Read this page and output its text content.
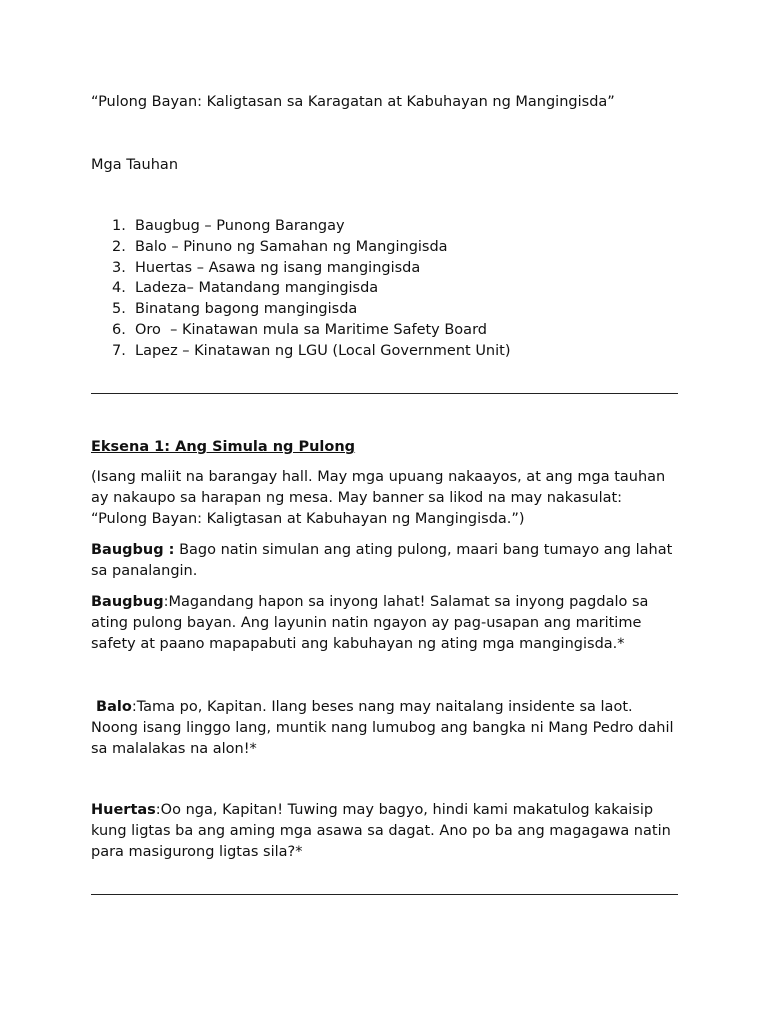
“Pulong Bayan: Kaligtasan sa Karagatan at Kabuhayan ng Mangingisda”
Mga Tauhan
1. Baugbug – Punong Barangay
2. Balo – Pinuno ng Samahan ng Mangingisda
3. Huertas – Asawa ng isang mangingisda
4. Ladeza– Matandang mangingisda
5. Binatang bagong mangingisda
6. Oro  – Kinatawan mula sa Maritime Safety Board
7. Lapez – Kinatawan ng LGU (Local Government Unit)
Eksena 1: Ang Simula ng Pulong

(Isang maliit na barangay hall. May mga upuang nakaayos, at ang mga tauhan ay nakaupo sa harapan ng mesa. May banner sa likod na may nakasulat: “Pulong Bayan: Kaligtasan at Kabuhayan ng Mangingisda.”)

Baugbug : Bago natin simulan ang ating pulong, maari bang tumayo ang lahat sa panalangin.

Baugbug:Magandang hapon sa inyong lahat! Salamat sa inyong pagdalo sa ating pulong bayan. Ang layunin natin ngayon ay pag-usapan ang maritime safety at paano mapapabuti ang kabuhayan ng ating mga mangingisda.*

Balo:Tama po, Kapitan. Ilang beses nang may naitalang insidente sa laot. Noong isang linggo lang, muntik nang lumubog ang bangka ni Mang Pedro dahil sa malalakas na alon!*

Huertas:Oo nga, Kapitan! Tuwing may bagyo, hindi kami makatulog kakaisip kung ligtas ba ang aming mga asawa sa dagat. Ano po ba ang magagawa natin para masigurong ligtas sila?*
